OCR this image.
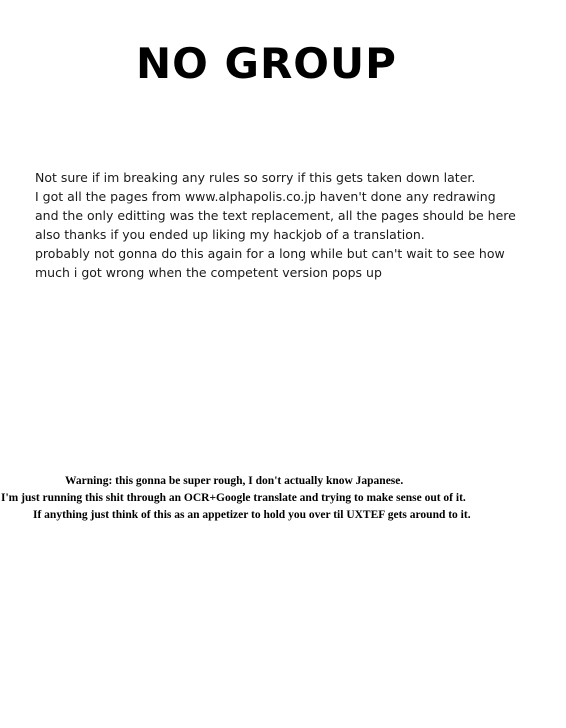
NO GROUP
Not sure if im breaking any rules so sorry if this gets taken down later.
I got all the pages from www.alphapolis.co.jp haven't done any redrawing
and the only editting was the text replacement, all the pages should be here
also thanks if you ended up liking my hackjob of a translation.
probably not gonna do this again for a long while but can't wait to see how
much i got wrong when the competent version pops up
Warning: this gonna be super rough, I don't actually know Japanese.
I'm just running this shit through an OCR+Google translate and trying to make sense out of it.
If anything just think of this as an appetizer to hold you over til UXTEF gets around to it.
